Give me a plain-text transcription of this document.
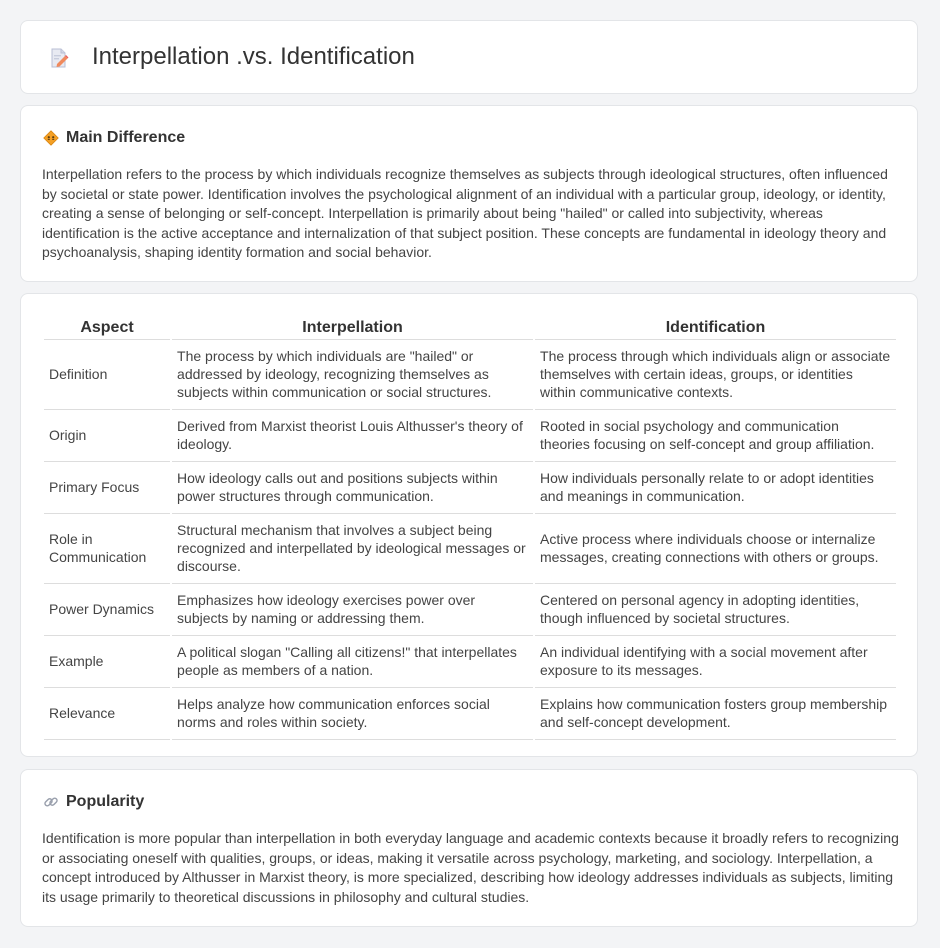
Interpellation .vs. Identification
Main Difference

Interpellation refers to the process by which individuals recognize themselves as subjects through ideological structures, often influenced by societal or state power. Identification involves the psychological alignment of an individual with a particular group, ideology, or identity, creating a sense of belonging or self-concept. Interpellation is primarily about being "hailed" or called into subjectivity, whereas identification is the active acceptance and internalization of that subject position. These concepts are fundamental in ideology theory and psychoanalysis, shaping identity formation and social behavior.

Aspect	Interpellation	Identification
Definition	The process by which individuals are "hailed" or addressed by ideology, recognizing themselves as subjects within communication or social structures.	The process through which individuals align or associate themselves with certain ideas, groups, or identities within communicative contexts.
Origin	Derived from Marxist theorist Louis Althusser's theory of ideology.	Rooted in social psychology and communication theories focusing on self-concept and group affiliation.
Primary Focus	How ideology calls out and positions subjects within power structures through communication.	How individuals personally relate to or adopt identities and meanings in communication.
Role in Communication	Structural mechanism that involves a subject being recognized and interpellated by ideological messages or discourse.	Active process where individuals choose or internalize messages, creating connections with others or groups.
Power Dynamics	Emphasizes how ideology exercises power over subjects by naming or addressing them.	Centered on personal agency in adopting identities, though influenced by societal structures.
Example	A political slogan "Calling all citizens!" that interpellates people as members of a nation.	An individual identifying with a social movement after exposure to its messages.
Relevance	Helps analyze how communication enforces social norms and roles within society.	Explains how communication fosters group membership and self-concept development.
Popularity

Identification is more popular than interpellation in both everyday language and academic contexts because it broadly refers to recognizing or associating oneself with qualities, groups, or ideas, making it versatile across psychology, marketing, and sociology. Interpellation, a concept introduced by Althusser in Marxist theory, is more specialized, describing how ideology addresses individuals as subjects, limiting its usage primarily to theoretical discussions in philosophy and cultural studies.
